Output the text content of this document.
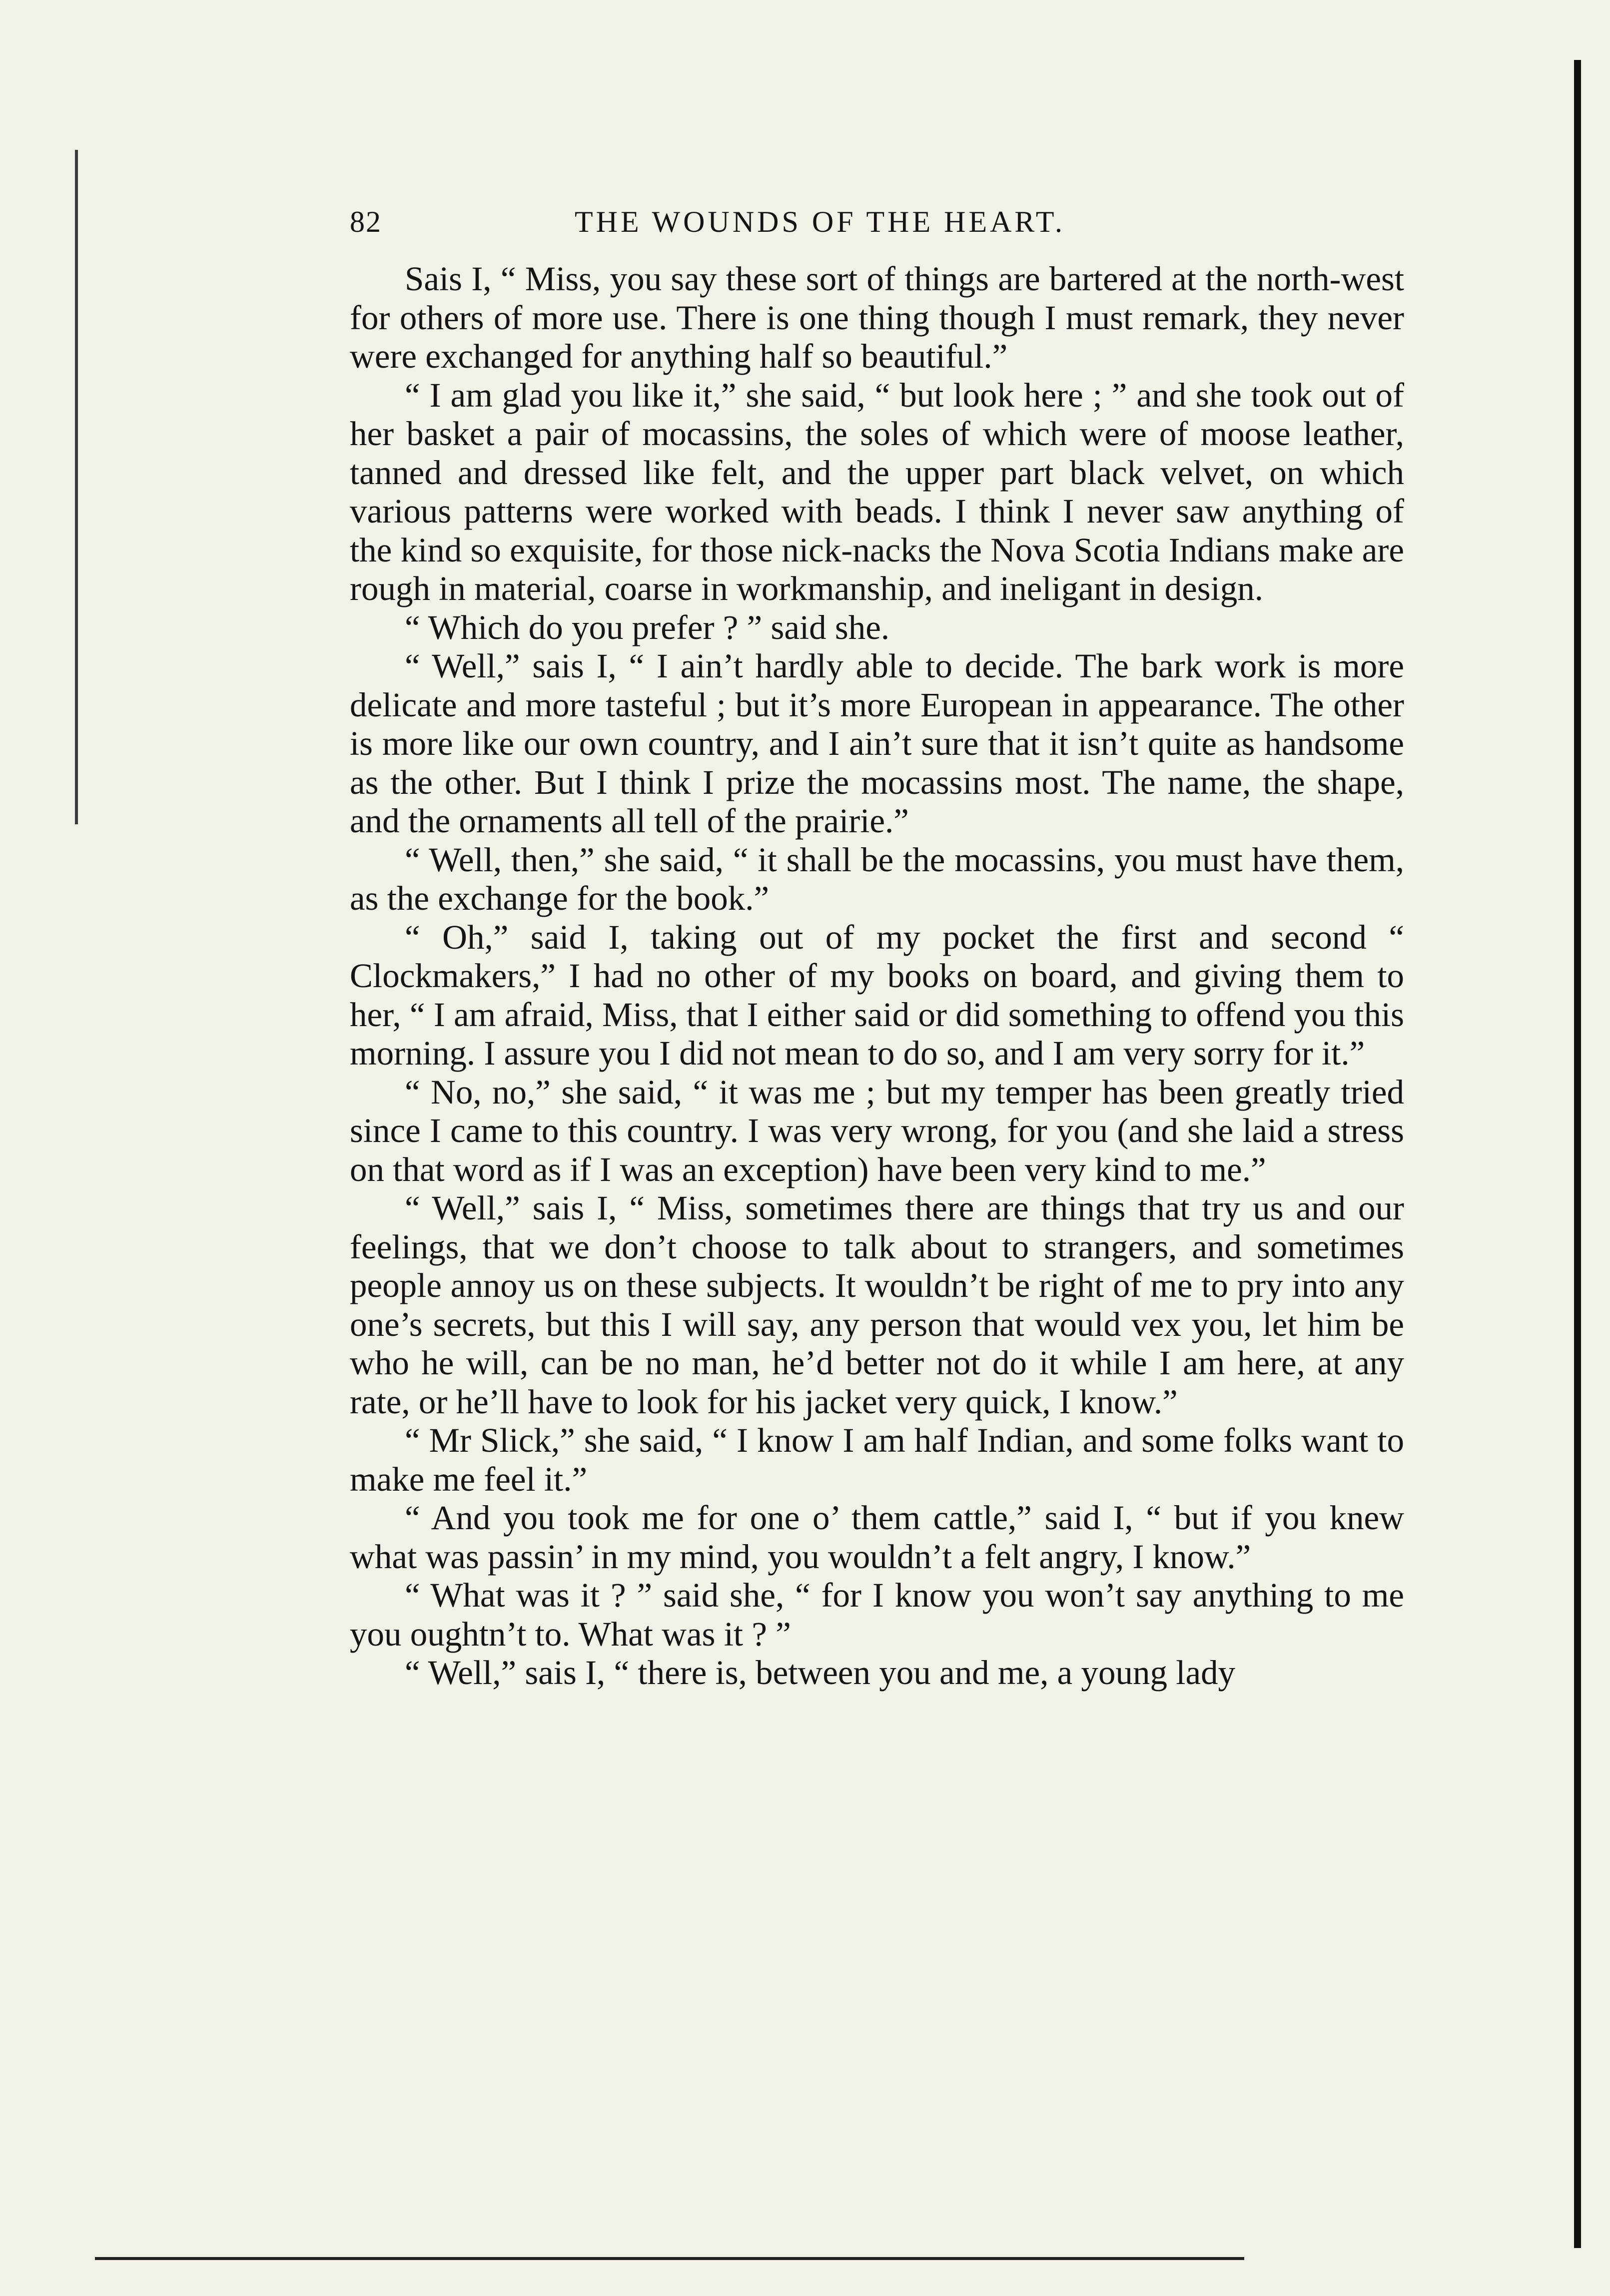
82	THE WOUNDS OF THE HEART.

Sais I, “ Miss, you say these sort of things are bartered at the north-west for others of more use. There is one thing though I must remark, they never were exchanged for anything half so beautiful.”

“ I am glad you like it,” she said, “ but look here ; ” and she took out of her basket a pair of mocassins, the soles of which were of moose leather, tanned and dressed like felt, and the upper part black velvet, on which various patterns were worked with beads. I think I never saw anything of the kind so exquisite, for those nick-nacks the Nova Scotia Indians make are rough in material, coarse in workmanship, and ineligant in design.

“ Which do you prefer ? ” said she.

“ Well,” sais I, “ I ain’t hardly able to decide. The bark work is more delicate and more tasteful ; but it’s more European in appearance. The other is more like our own country, and I ain’t sure that it isn’t quite as handsome as the other. But I think I prize the mocassins most. The name, the shape, and the ornaments all tell of the prairie.”

“ Well, then,” she said, “ it shall be the mocassins, you must have them, as the exchange for the book.”

“ Oh,” said I, taking out of my pocket the first and second “ Clockmakers,” I had no other of my books on board, and giving them to her, “ I am afraid, Miss, that I either said or did something to offend you this morning. I assure you I did not mean to do so, and I am very sorry for it.”

“ No, no,” she said, “ it was me ; but my temper has been greatly tried since I came to this country. I was very wrong, for you (and she laid a stress on that word as if I was an exception) have been very kind to me.”

“ Well,” sais I, “ Miss, sometimes there are things that try us and our feelings, that we don’t choose to talk about to strangers, and sometimes people annoy us on these subjects. It wouldn’t be right of me to pry into any one’s secrets, but this I will say, any person that would vex you, let him be who he will, can be no man, he’d better not do it while I am here, at any rate, or he’ll have to look for his jacket very quick, I know.”

“ Mr Slick,” she said, “ I know I am half Indian, and some folks want to make me feel it.”

“ And you took me for one o’ them cattle,” said I, “ but if you knew what was passin’ in my mind, you wouldn’t a felt angry, I know.”

“ What was it ? ” said she, “ for I know you won’t say anything to me you oughtn’t to. What was it ? ”

“ Well,” sais I, “ there is, between you and me, a young lady
